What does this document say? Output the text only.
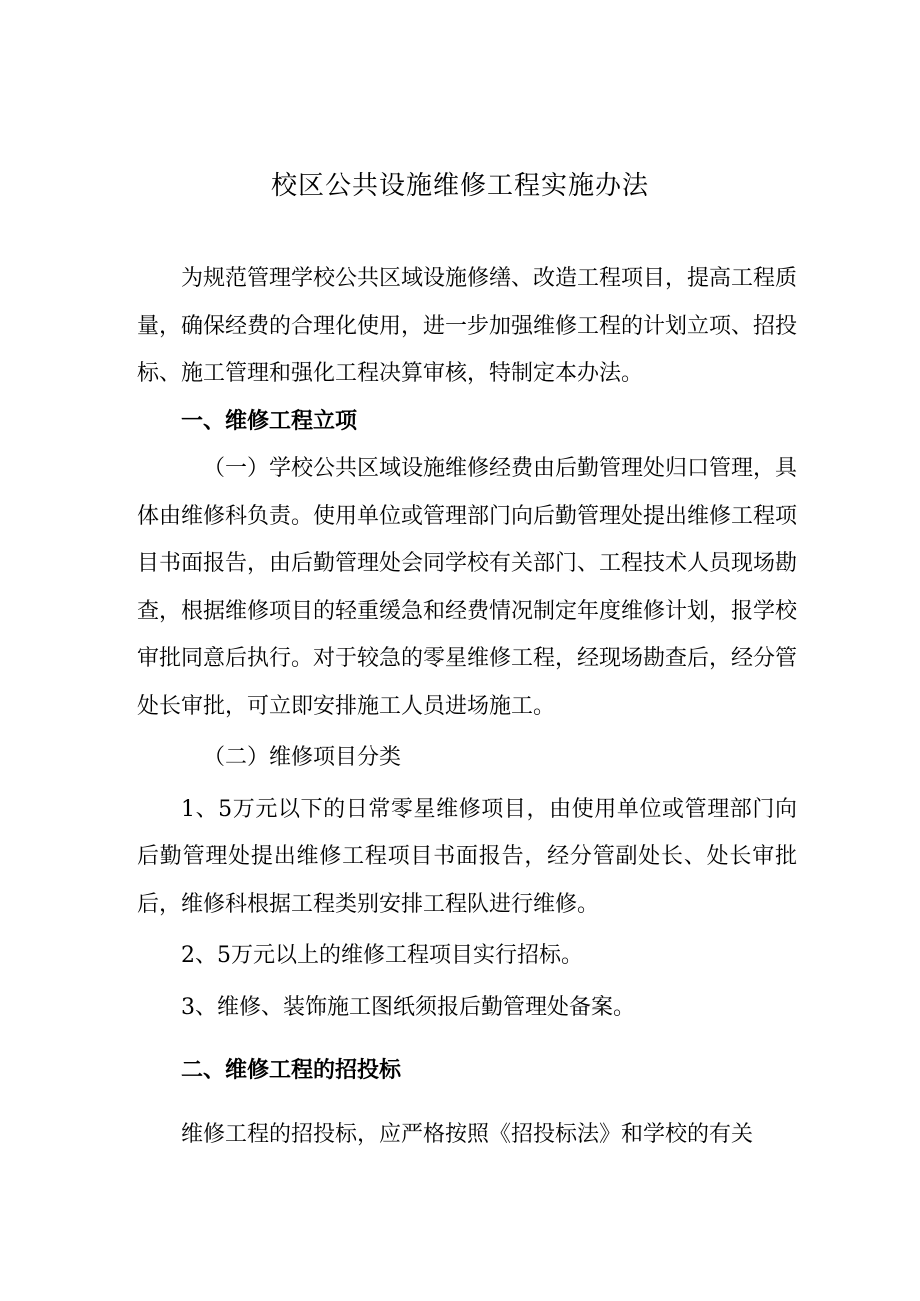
校区公共设施维修工程实施办法

为规范管理学校公共区域设施修缮、改造工程项目，提高工程质量，确保经费的合理化使用，进一步加强维修工程的计划立项、招投标、施工管理和强化工程决算审核，特制定本办法。

一、维修工程立项

（一）学校公共区域设施维修经费由后勤管理处归口管理，具体由维修科负责。使用单位或管理部门向后勤管理处提出维修工程项目书面报告，由后勤管理处会同学校有关部门、工程技术人员现场勘查，根据维修项目的轻重缓急和经费情况制定年度维修计划，报学校审批同意后执行。对于较急的零星维修工程，经现场勘查后，经分管处长审批，可立即安排施工人员进场施工。

（二）维修项目分类

1、5万元以下的日常零星维修项目，由使用单位或管理部门向后勤管理处提出维修工程项目书面报告，经分管副处长、处长审批后，维修科根据工程类别安排工程队进行维修。

2、5万元以上的维修工程项目实行招标。

3、维修、装饰施工图纸须报后勤管理处备案。

二、维修工程的招投标

维修工程的招投标，应严格按照《招投标法》和学校的有关
